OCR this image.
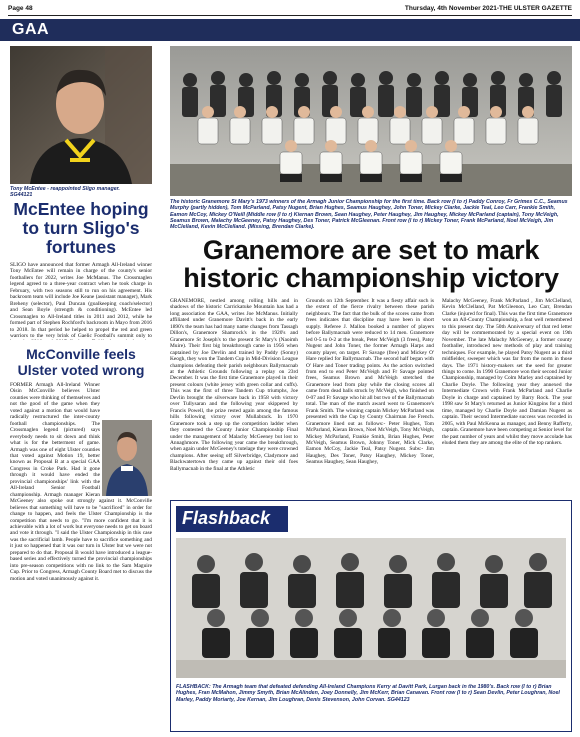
Page 48	Thursday, 4th November 2021-THE ULSTER GAZETTE
GAA
Tony McEntee - reappointed Sligo manager. SG44121
McEntee hoping to turn Sligo's fortunes

SLIGO have announced that former Armagh All-Ireland winner Tony McEntee will remain in charge of the county's senior footballers for 2022, writes Joe McManus. The Crossmaglen legend agreed to a three-year contract when he took charge in February, with two seasons still to run on his agreement. His backroom team will include Joe Keane (assistant manager), Mark Breheny (selector), Paul Duncan (goalkeeping coach/selector) and Sean Boyle (strength & conditioning). McEntee led Crossmaglen to All-Ireland titles in 2011 and 2012, while he formed part of Stephen Rochford's backroom in Mayo from 2016 to 2018. In that period he helped to propel the red and green warriors to the very brink of Gaelic Football's summit only to

McConville feels Ulster voted wrong

FORMER Armagh All-Ireland Winner Oisin McConville believes Ulster counties were thinking of themselves and not the good of the game when they voted against a motion that would have radically restructured the inter-county football championships. The Crossmaglen legend (pictured) says everybody needs to sit down and think what is for the betterment of game. Armagh was one of eight Ulster counties that voted against Motion 19, better known as Proposal B at a special GAA Congress in Croke Park. Had it gone through it would have ended the provincial championships' link with the All-Ireland Senior Football championship. Armagh manager Kieran McGeeney also spoke out strongly against it. McConville believes that something will have to be "sacrificed" in order for change to happen, and feels the Ulster Championship is the competition that needs to go. "I'm more confident that it is achievable with a lot of work but everyone needs to get on board and vote it through. "I said the Ulster Championship in this case was the sacrificial lamb. People have to sacrifice something and it just so happened that it was our turn in Ulster but we were not prepared to do that. Proposal B would have introduced a league-based series and effectively turned the provincial championships into pre-season competitions with no link to the Sam Maguire Cup. Prior to Congress, Armagh County Board met to discuss the motion and voted unanimously against it.

The historic Granemore St Mary's 1973 winners of the Armagh Junior Championship for the first time. Back row (l to r) Paddy Conroy, Fr Grimes C.C., Seamus Murphy (partly hidden), Tom McParland, Patsy Nugent, Brian Hughes, Seamus Haughey, John Toner, Mickey Clarke, Jackie Teal, Leo Carr, Frankie Smith, Eamon McCoy, Mickey O'Neill (Middle row (l to r) Kiernan Brown, Sean Haughey, Peter Haughey, Jim Haughey, Mickey McParland (captain), Tony McVeigh, Seamus Brown, Malachy McGeeney, Patsy Haughey, Des Toner, Patrick McGleenan. Front row (l to r) Mickey Toner, Frank McParland, Noel McVeigh, Jim McClelland, Kevin McClelland. (Missing, Brendan Clarke).
Granemore are set to mark historic championship victory

GRANEMORE, nestled among rolling hills and in shadows of the historic Carrickatuke Mountain has had a long association the GAA, writes Joe McManus. Initially affiliated under Granemore Davitt's back in the early 1890's the team has had many name changes from Tassagh Dillon's, Granemore Shamrock's in the 1920's and Granemore St Joseph's to the present St Mary's (Naoimh Muire). Their first big breakthrough came in 1956 when captained by Joe Devlin and trained by Paddy (Sonny) Keogh, they won the Tandem Cup in Mid-Division League champions defeating their parish neighbours Ballymacnab at the Athletic Grounds following a replay on 23rd December. It was the first time Granemore played in their present colours (white jersey with green collar and cuffs). This was the first of three Tandem Cup triumphs, Joe Devlin brought the silverware back in 1958 with victory over Tullysaran and the following year skippered by Francis Powell, the prize rested again among the famous hills following victory over Mullabrack. In 1970 Granemore took a step up the competition ladder when they contested the County Junior Championship Final under the management of Malachy McGeeney but lost to Annaghmore. The following year came the breakthrough, when again under McGeeney's tutelage they were crowned champions. After seeing off Silverbridge, Cladymore and Blackwatertown they came up against their old foes Ballymacnab in the final at the Athletic

Grounds on 12th September. It was a fiesty affair such is the extent of the fierce rivalry between these parish neighbours. The fact that the bulk of the scores came from frees indicates that discipline may have been in short supply. Referee J. Mallon booked a number of players before Ballymacnab were reduced to 14 men. Granemore led 0-5 to 0-2 at the break, Peter McVeigh (3 frees), Patsy Nugent and John Toner, the former Armagh Harps and county player, on target. Fr Savage (free) and Mickey O' Hare replied for Ballymacnab. The second half began with O' Hare and Toner trading points. As the action switched from end to end Peter McVeigh and Fr Savage pointed frees, Seamus Brown and McVeigh stretched the Granemore lead from play while the closing scores all came from dead balls struck by McVeigh, who finished on 0-07 and Fr Savage who hit all but two of the Ballymacnab total. The man of the match award went to Granemore's Frank Smith. The winning captain Mickey McParland was presented with the Cup by County Chairman Joe French. Granemore lined out as follows:- Peter Hughes, Tom McParland, Kieran Brown, Noel McVeigh, Tony McVeigh, Mickey McParland, Frankie Smith, Brian Hughes, Peter McVeigh, Seamus Brown, Johnny Toner, Mick Clarke, Eamon McCoy, Jackie Teal, Patsy Nugent. Subs:- Jim Haughey, Des Toner, Patsy Haughey, Mickey Toner, Seamus Haughey, Sean Haughey,

Malachy McGeeney, Frank McParland , Jim McClelland, Kevin McClelland, Pat McGleenon, Leo Carr, Brendan Clarke (injured for final). This was the first time Granemore won an All-County Championship, a feat well remembered to this present day. The 50th Anniversary of that red letter day will be commemorated by a special event on 19th November. The late Malachy McGeeney, a former county footballer, introduced new methods of play and training techniques. For example, he played Patsy Nugent as a third midfielder, sweeper which was far from the norm in those days. The 1971 history-makers set the seed for greater things to come. In 1990 Granemore won their second Junior Championship, managed by Colm Marley and captained by Charlie Doyle. The following year they annexed the Intermediate Crown with Frank McParland and Charlie Doyle in charge and captained by Barry Rock. The year 1998 saw St Mary's returned as Junior Kingpins for a third time, managed by Charlie Doyle and Damian Nugent as captain. Their second Intermediate success was recorded in 2005, with Paul McKenna as manager, and Benny Rafferty, captain. Granemore have been competing at Senior level for the past number of years and whilst they move accolade has eluded them they are among the elite of the top rankers.

Flashback
FLASHBACK: The Armagh team that defeated defending All-Ireland Champions Kerry at Davitt Park, Lurgan back in the 1980's. Back row (l to r) Brian Hughes, Fran McMahon, Jimmy Smyth, Brian McAlinden, Joey Donnelly, Jim McKerr, Brian Canavan. Front row (l to r) Sean Devlin, Peter Loughran, Noel Marley, Paddy Moriarty, Joe Kernan, Jim Loughran, Denis Stevenson, John Corvan. SG44123
